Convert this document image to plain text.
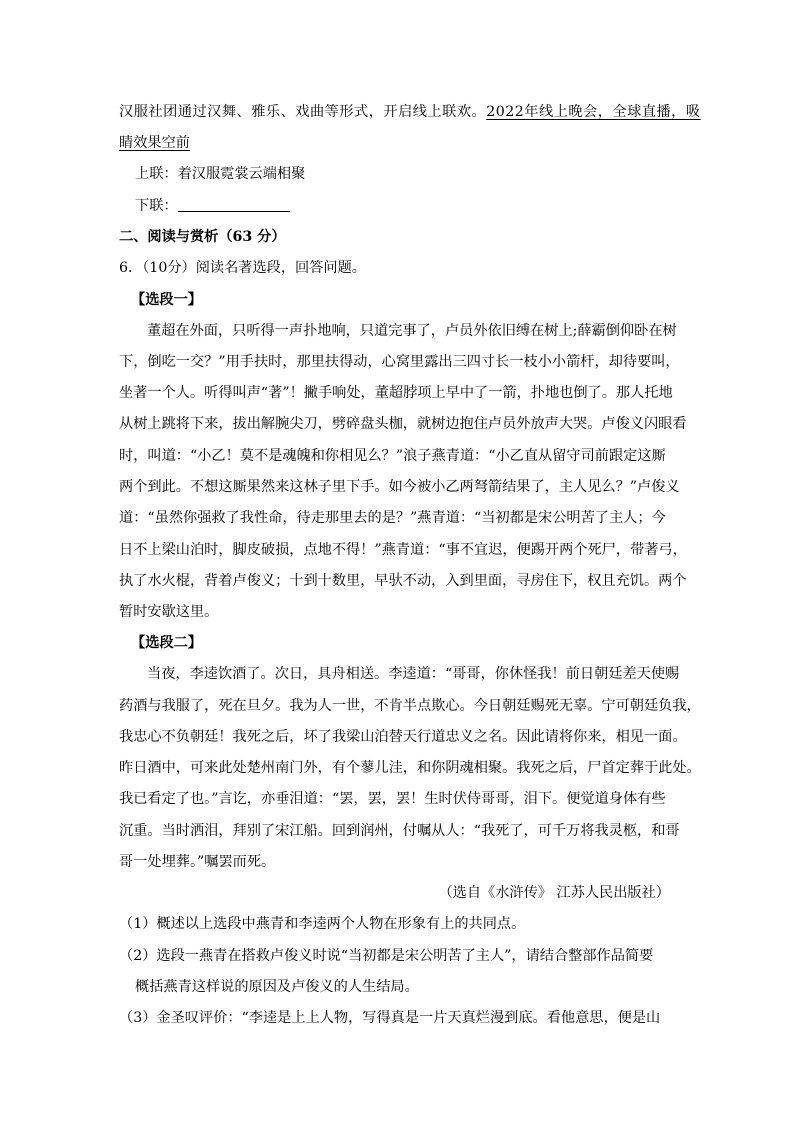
汉服社团通过汉舞、雅乐、戏曲等形式，开启线上联欢。2022年线上晚会，全球直播，吸
睛效果空前
上联：着汉服霓裳云端相聚
下联：
二、阅读与赏析（63 分）
6．（10分）阅读名著选段，回答问题。
【选段一】
董超在外面，只听得一声扑地响，只道完事了，卢员外依旧缚在树上;薛霸倒仰卧在树
下，倒吃一交？”用手扶时，那里扶得动，心窝里露出三四寸长一枝小小箭杆，却待要叫，
坐著一个人。听得叫声“著”！撇手响处，董超脖项上早中了一箭，扑地也倒了。那人托地
从树上跳将下来，拔出解腕尖刀，劈碎盘头枷，就树边抱住卢员外放声大哭。卢俊义闪眼看
时，叫道：“小乙！莫不是魂魄和你相见么？”浪子燕青道：“小乙直从留守司前跟定这厮
两个到此。不想这厮果然来这林子里下手。如今被小乙两弩箭结果了，主人见么？”卢俊义
道：“虽然你强救了我性命，待走那里去的是？”燕青道：“当初都是宋公明苦了主人；今
日不上梁山泊时，脚皮破损，点地不得！”燕青道：“事不宜迟，便踢开两个死尸，带著弓，
执了水火棍，背着卢俊义；十到十数里，早驮不动，入到里面，寻房住下，权且充饥。两个
暂时安歇这里。
【选段二】
当夜，李逵饮酒了。次日，具舟相送。李逵道：“哥哥，你休怪我！前日朝廷差天使赐
药酒与我服了，死在旦夕。我为人一世，不肯半点欺心。今日朝廷赐死无辜。宁可朝廷负我，
我忠心不负朝廷！我死之后，坏了我梁山泊替天行道忠义之名。因此请将你来，相见一面。
昨日酒中，可来此处楚州南门外，有个蓼儿洼，和你阴魂相聚。我死之后，尸首定葬于此处。
我已看定了也。”言讫，亦垂泪道：“罢，罢，罢！生时伏侍哥哥，泪下。便觉道身体有些
沉重。当时洒泪，拜别了宋江船。回到润州，付嘱从人：“我死了，可千万将我灵柩，和哥
哥一处埋葬。”嘱罢而死。
（选自《水浒传》 江苏人民出版社）
（1）概述以上选段中燕青和李逵两个人物在形象有上的共同点。
（2）选段一燕青在搭救卢俊义时说“当初都是宋公明苦了主人”，请结合整部作品简要
概括燕青这样说的原因及卢俊义的人生结局。
（3）金圣叹评价：“李逵是上上人物，写得真是一片天真烂漫到底。看他意思，便是山
